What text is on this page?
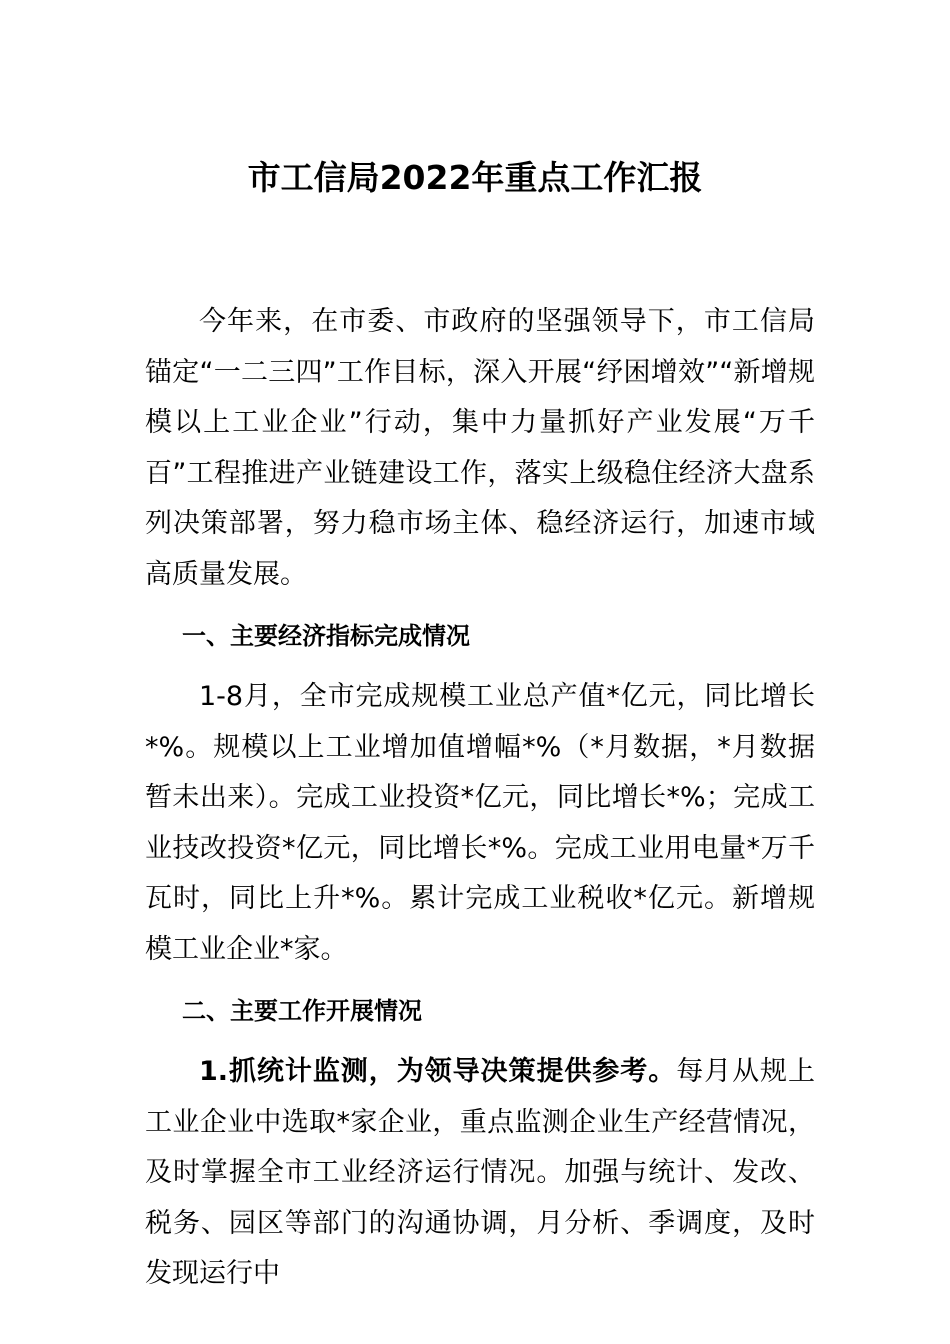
市工信局2022年重点工作汇报

今年来，在市委、市政府的坚强领导下，市工信局锚定“一二三四”工作目标，深入开展“纾困增效”“新增规模以上工业企业”行动，集中力量抓好产业发展“万千百”工程推进产业链建设工作，落实上级稳住经济大盘系列决策部署，努力稳市场主体、稳经济运行，加速市域高质量发展。

一、主要经济指标完成情况

1-8月，全市完成规模工业总产值*亿元，同比增长*%。规模以上工业增加值增幅*%（*月数据，*月数据暂未出来）。完成工业投资*亿元，同比增长*%；完成工业技改投资*亿元，同比增长*%。完成工业用电量*万千瓦时，同比上升*%。累计完成工业税收*亿元。新增规模工业企业*家。

二、主要工作开展情况

1.抓统计监测，为领导决策提供参考。每月从规上工业企业中选取*家企业，重点监测企业生产经营情况，及时掌握全市工业经济运行情况。加强与统计、发改、税务、园区等部门的沟通协调，月分析、季调度，及时发现运行中
